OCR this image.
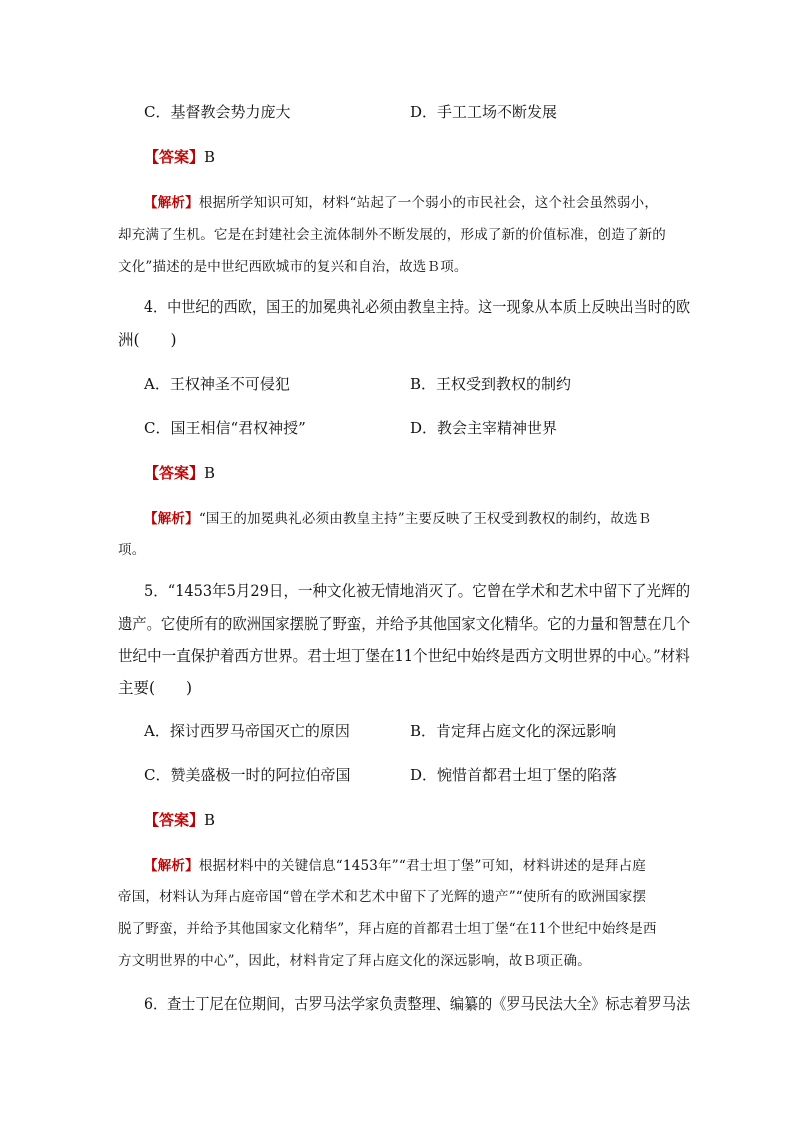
C．基督教会势力庞大	D．手工工场不断发展
【答案】B
【解析】根据所学知识可知，材料“站起了一个弱小的市民社会，这个社会虽然弱小，
却充满了生机。它是在封建社会主流体制外不断发展的，形成了新的价值标准，创造了新的
文化”描述的是中世纪西欧城市的复兴和自治，故选Ｂ项。
4．中世纪的西欧，国王的加冕典礼必须由教皇主持。这一现象从本质上反映出当时的欧
洲(　　)
A．王权神圣不可侵犯	B．王权受到教权的制约
C．国王相信“君权神授”	D．教会主宰精神世界
【答案】B
【解析】“国王的加冕典礼必须由教皇主持”主要反映了王权受到教权的制约，故选Ｂ
项。
5．“1453年5月29日，一种文化被无情地消灭了。它曾在学术和艺术中留下了光辉的
遗产。它使所有的欧洲国家摆脱了野蛮，并给予其他国家文化精华。它的力量和智慧在几个
世纪中一直保护着西方世界。君士坦丁堡在11个世纪中始终是西方文明世界的中心。”材料
主要(　　)
A．探讨西罗马帝国灭亡的原因	B．肯定拜占庭文化的深远影响
C．赞美盛极一时的阿拉伯帝国	D．惋惜首都君士坦丁堡的陷落
【答案】B
【解析】根据材料中的关键信息“1453年”“君士坦丁堡”可知，材料讲述的是拜占庭
帝国，材料认为拜占庭帝国“曾在学术和艺术中留下了光辉的遗产”“使所有的欧洲国家摆
脱了野蛮，并给予其他国家文化精华”，拜占庭的首都君士坦丁堡“在11个世纪中始终是西
方文明世界的中心”，因此，材料肯定了拜占庭文化的深远影响，故Ｂ项正确。
6．查士丁尼在位期间，古罗马法学家负责整理、编纂的《罗马民法大全》标志着罗马法
